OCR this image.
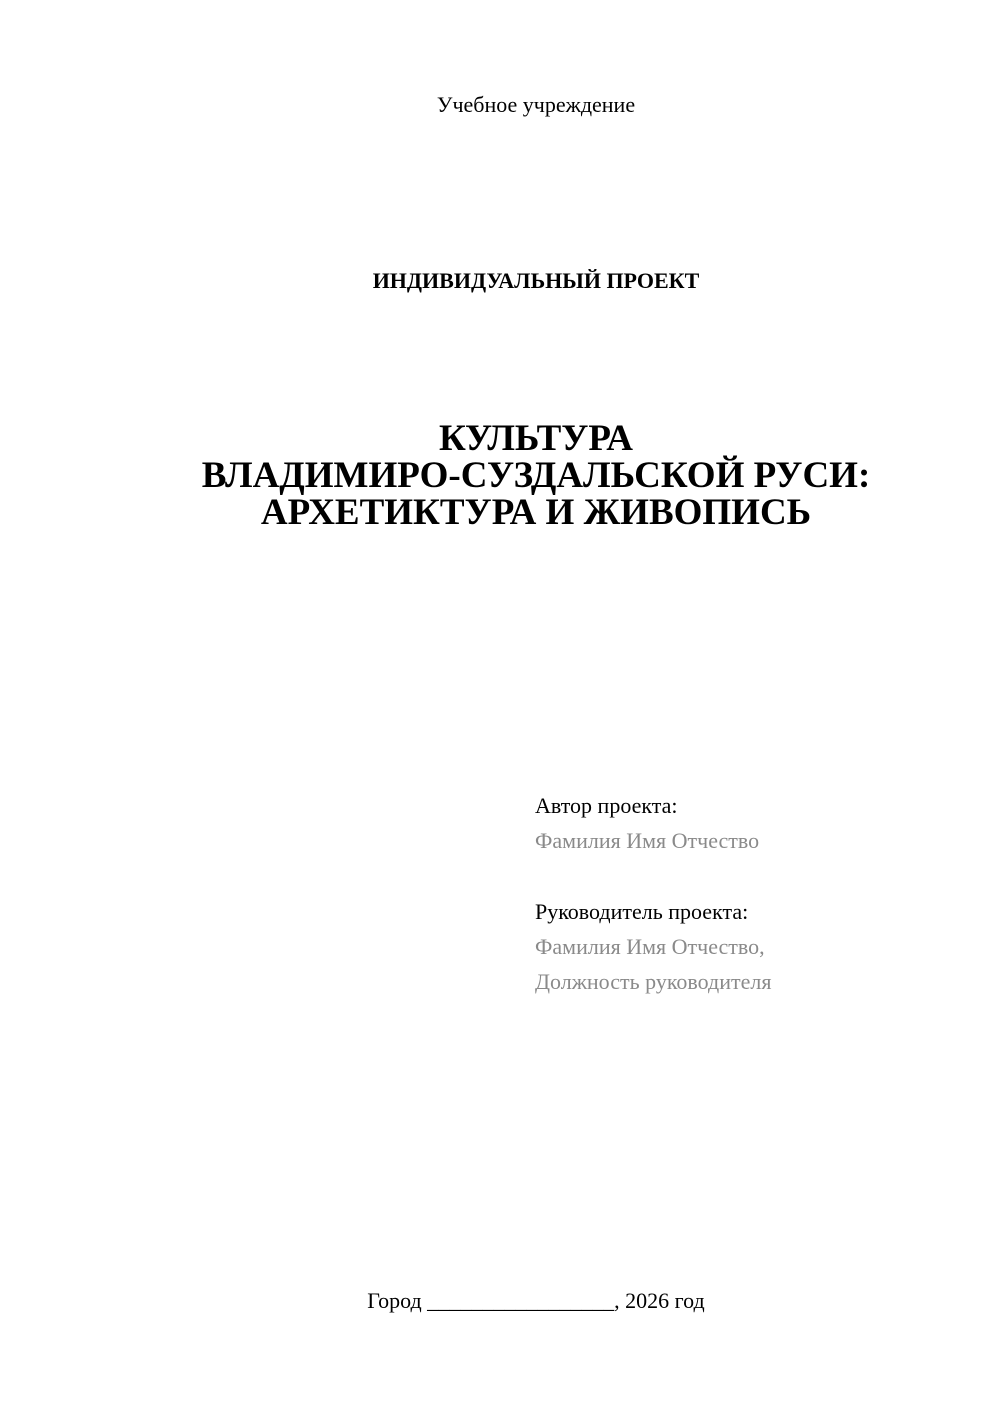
Учебное учреждение
ИНДИВИДУАЛЬНЫЙ ПРОЕКТ
КУЛЬТУРА
ВЛАДИМИРО-СУЗДАЛЬСКОЙ РУСИ:
АРХЕТИКТУРА И ЖИВОПИСЬ
Автор проекта:
Фамилия Имя Отчество
Руководитель проекта:
Фамилия Имя Отчество,
Должность руководителя
Город _________________, 2026 год
